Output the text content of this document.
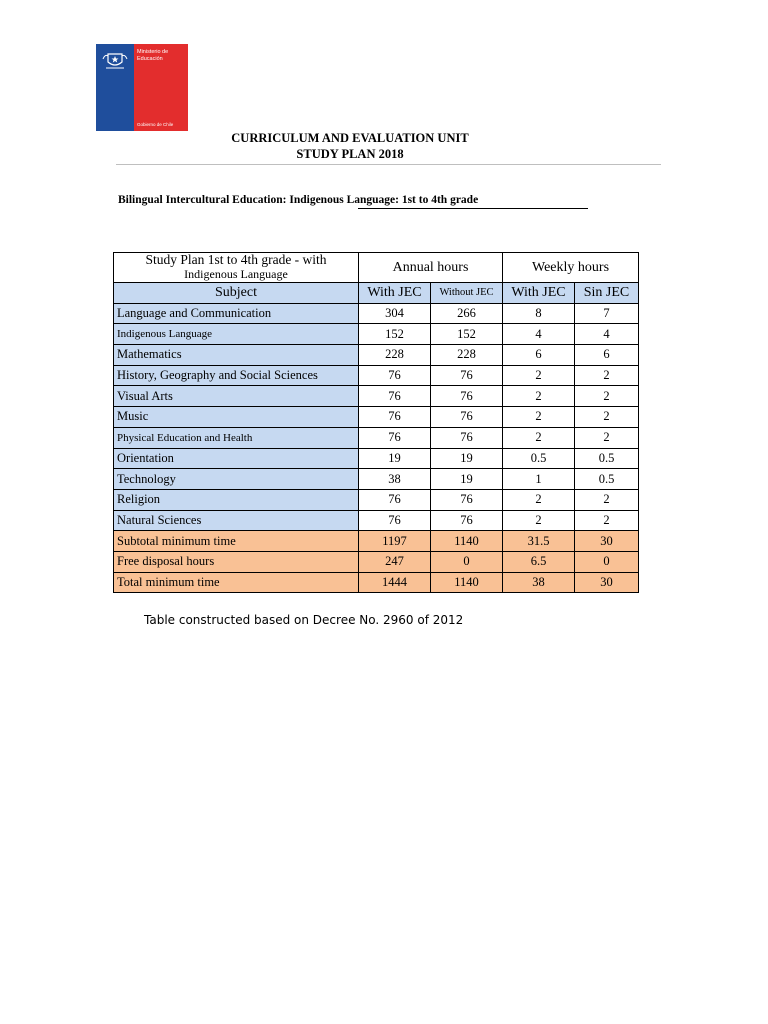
Ministerio de
Educación
Gobierno de Chile
CURRICULUM AND EVALUATION UNIT
STUDY PLAN 2018
Bilingual Intercultural Education: Indigenous Language: 1st to 4th grade
Study Plan 1st to 4th grade - with
Indigenous Language	Annual hours		Weekly hours	
Subject	With JEC	Without JEC	With JEC	Sin JEC
Language and Communication	304	266	8	7
Indigenous Language	152	152	4	4
Mathematics	228	228	6	6
History, Geography and Social Sciences	76	76	2	2
Visual Arts	76	76	2	2
Music	76	76	2	2
Physical Education and Health	76	76	2	2
Orientation	19	19	0.5	0.5
Technology	38	19	1	0.5
Religion	76	76	2	2
Natural Sciences	76	76	2	2
Subtotal minimum time	1197	1140	31.5	30
Free disposal hours	247	0	6.5	0
Total minimum time	1444	1140	38	30
Table constructed based on Decree No. 2960 of 2012
